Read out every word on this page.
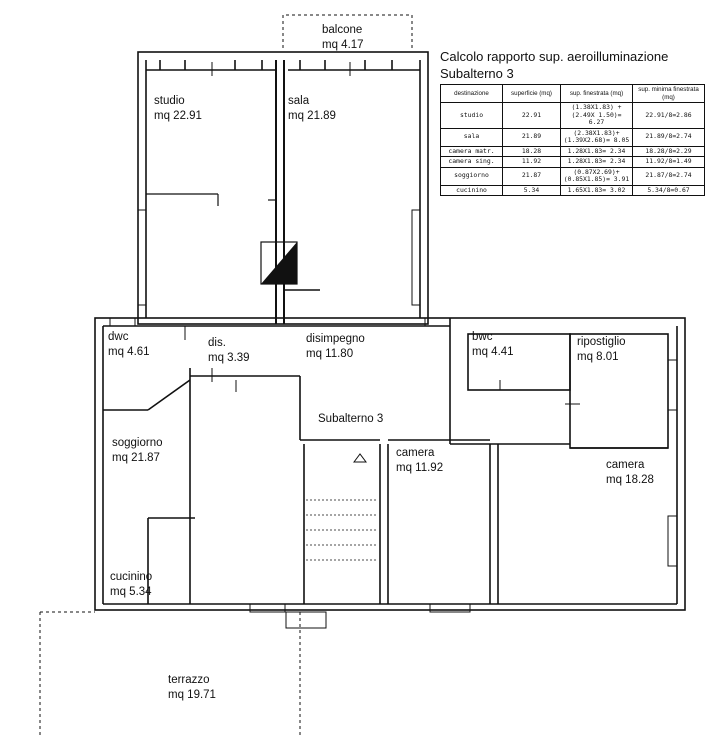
balcone
mq 4.17
studio
mq 22.91
sala
mq 21.89
dwc
mq 4.61
dis.
mq 3.39
disimpegno
mq 11.80
bwc
mq 4.41
ripostiglio
mq 8.01
Subalterno 3
soggiorno
mq 21.87	camera
mq 11.92	camera
mq 18.28
cucinino
mq 5.34
terrazzo
mq 19.71
Calcolo rapporto sup. aeroilluminazione
Subalterno 3
destinazione	superficie (mq)	sup. finestrata (mq)	sup. minima finestrata (mq)
studio	22.91	(1.38X1.83) + (2.49X 1.50)= 6.27	22.91/8=2.86
sala	21.89	(2.38X1.83)+ (1.39X2.68)= 8.05	21.89/8=2.74
camera matr.	18.28	1.28X1.83= 2.34	18.28/8=2.29
camera sing.	11.92	1.28X1.83= 2.34	11.92/8=1.49
soggiorno	21.87	(0.87X2.69)+ (0.85X1.85)= 3.91	21.87/8=2.74
cucinino	5.34	1.65X1.83= 3.02	5.34/8=0.67
